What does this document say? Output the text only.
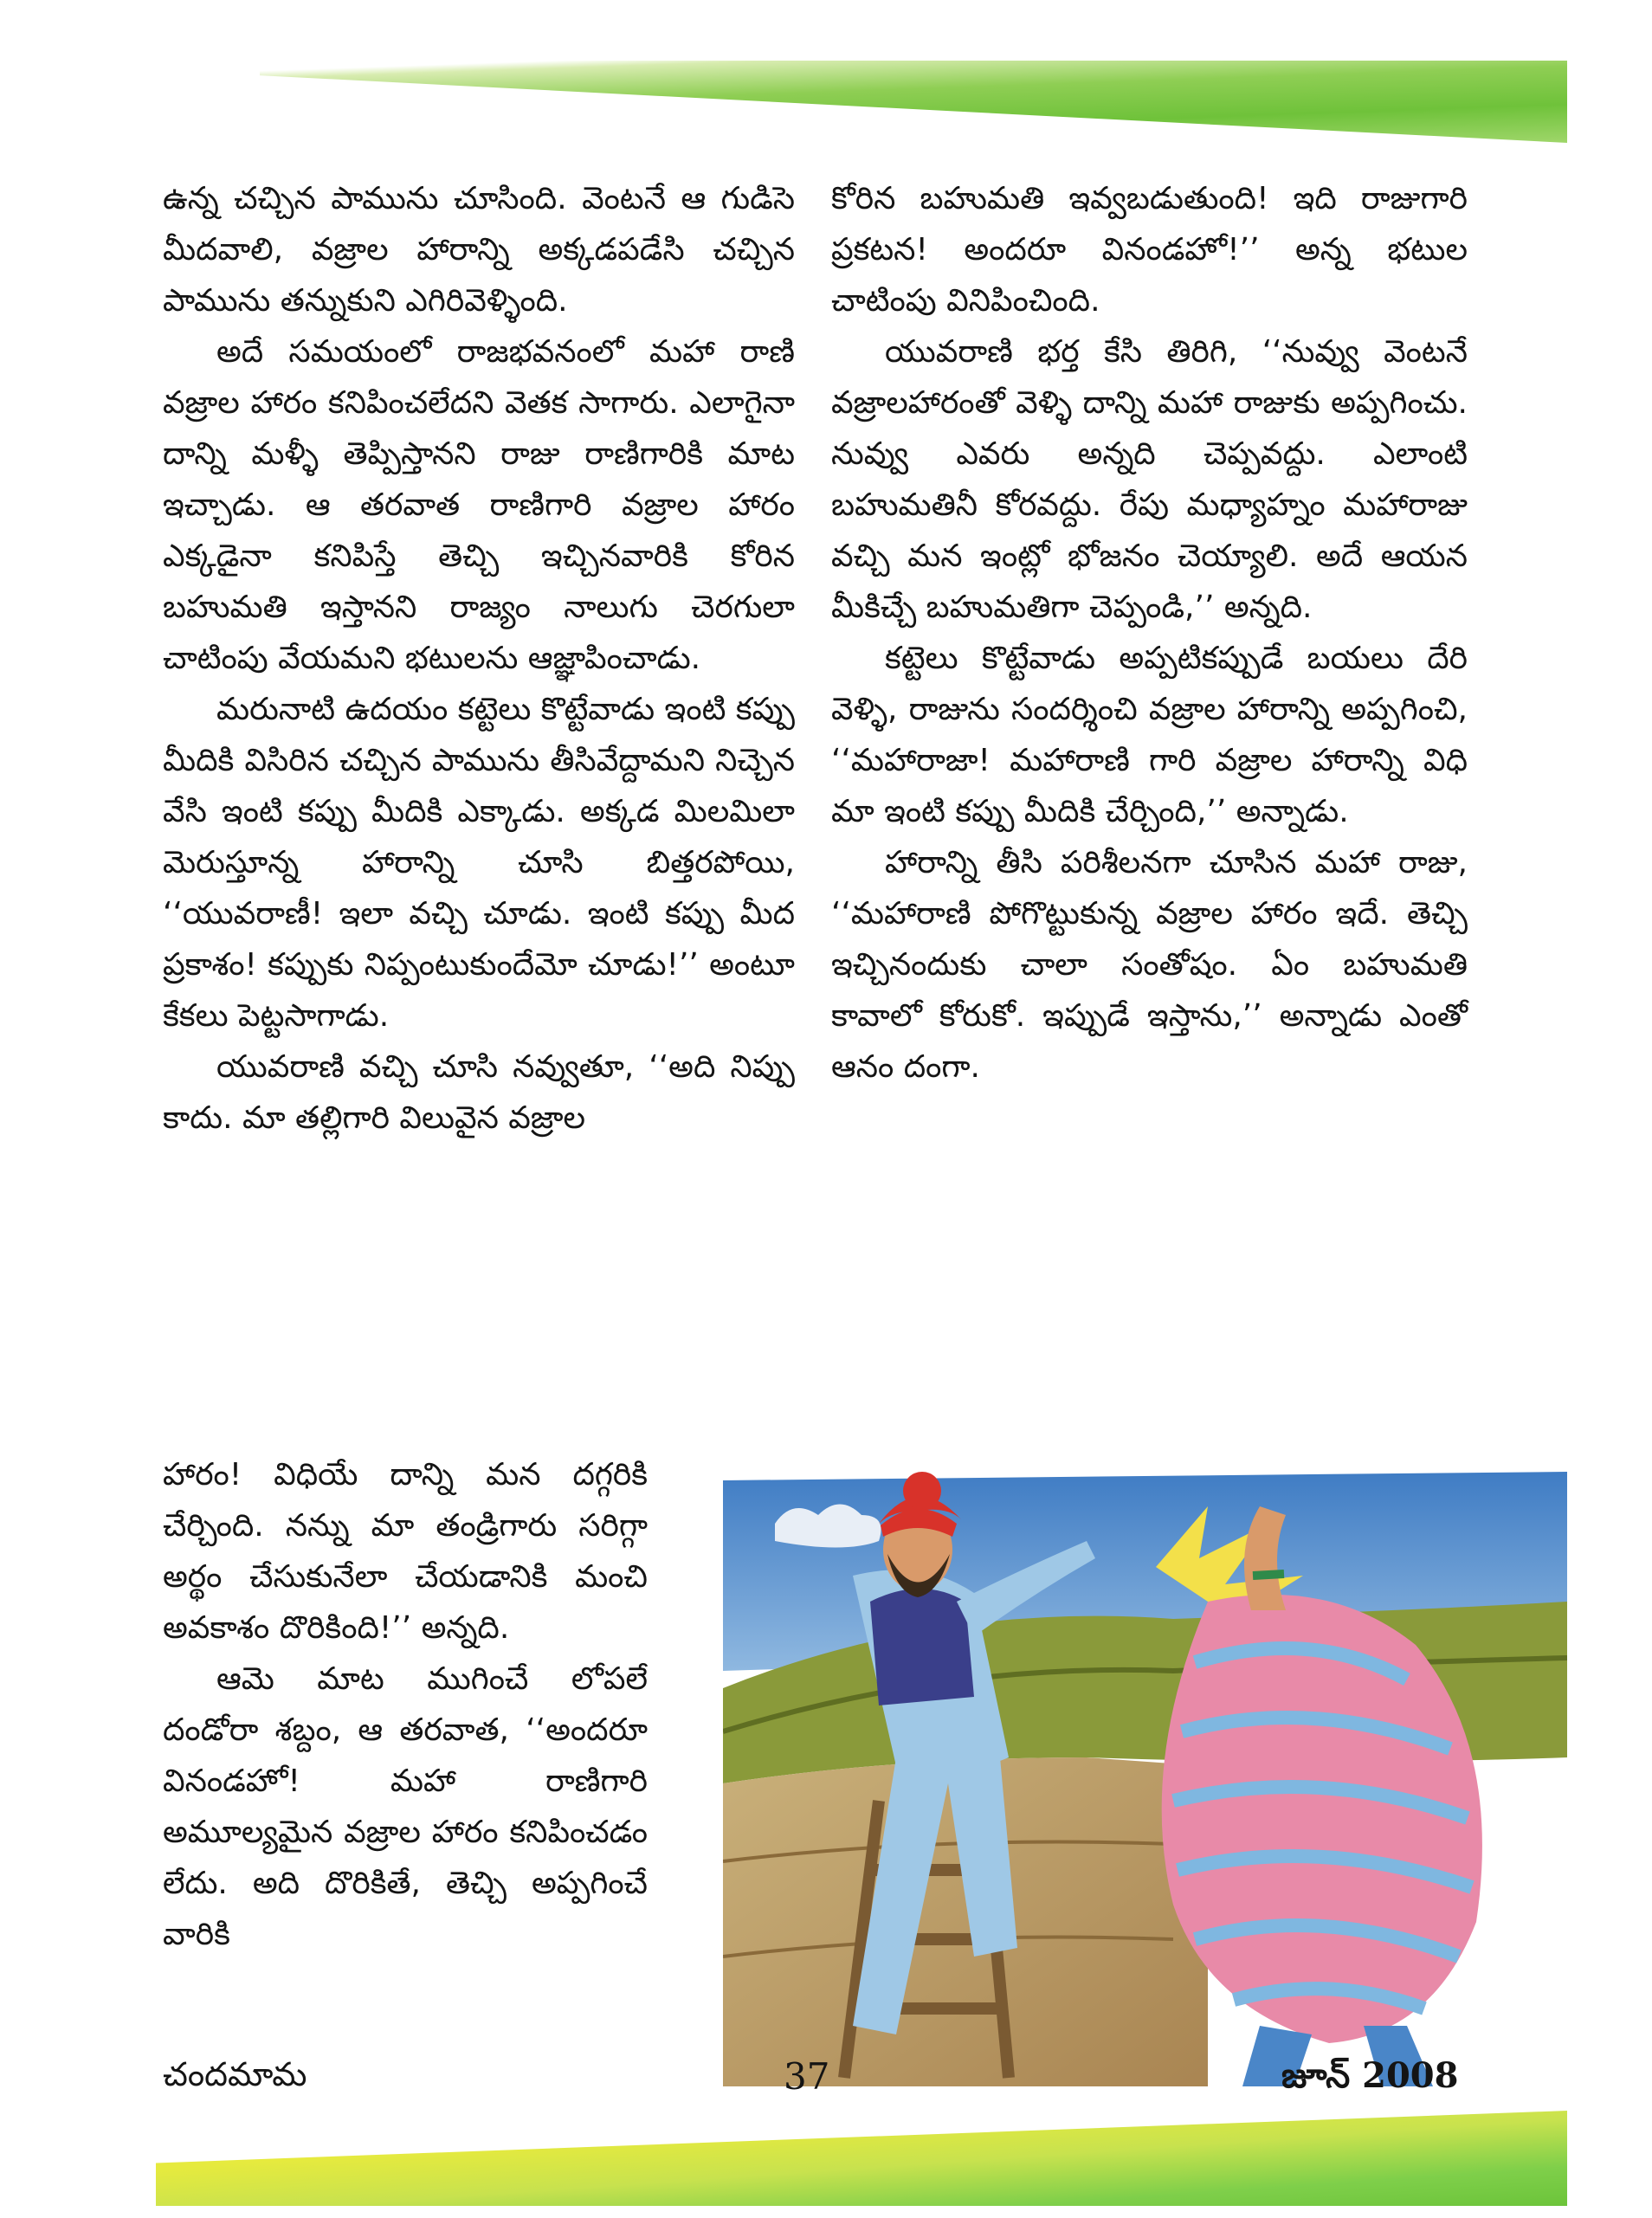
ఉన్న చచ్చిన పామును చూసింది. వెంటనే ఆ గుడిసె మీదవాలి, వజ్రాల హారాన్ని అక్కడపడేసి చచ్చిన పామును తన్నుకుని ఎగిరివెళ్ళింది.

అదే సమయంలో రాజభవనంలో మహా రాణి వజ్రాల హారం కనిపించలేదని వెతక సాగారు. ఎలాగైనా దాన్ని మళ్ళీ తెప్పిస్తానని రాజు రాణిగారికి మాట ఇచ్చాడు. ఆ తరవాత రాణిగారి వజ్రాల హారం ఎక్కడైనా కనిపిస్తే తెచ్చి ఇచ్చినవారికి కోరిన బహుమతి ఇస్తానని రాజ్యం నాలుగు చెరగులా చాటింపు వేయమని భటులను ఆజ్ఞాపించాడు.

మరునాటి ఉదయం కట్టెలు కొట్టేవాడు ఇంటి కప్పు మీదికి విసిరిన చచ్చిన పామును తీసివేద్దామని నిచ్చెన వేసి ఇంటి కప్పు మీదికి ఎక్కాడు. అక్కడ మిలమిలా మెరుస్తూన్న హారాన్ని చూసి బిత్తరపోయి, ‘‘యువరాణీ! ఇలా వచ్చి చూడు. ఇంటి కప్పు మీద ప్రకాశం! కప్పుకు నిప్పంటుకుందేమో చూడు!’’ అంటూ కేకలు పెట్టసాగాడు.

యువరాణి వచ్చి చూసి నవ్వుతూ, ‘‘అది నిప్పు కాదు. మా తల్లిగారి విలువైన వజ్రాల

హారం! విధియే దాన్ని మన దగ్గరికి చేర్చింది. నన్ను మా తండ్రిగారు సరిగ్గా అర్థం చేసుకునేలా చేయడానికి మంచి అవకాశం దొరికింది!’’ అన్నది.

ఆమె మాట ముగించే లోపలే దండోరా శబ్దం, ఆ తరవాత, ‘‘అందరూ వినండహో! మహా రాణిగారి అమూల్యమైన వజ్రాల హారం కనిపించడం లేదు. అది దొరికితే, తెచ్చి అప్పగించే వారికి

కోరిన బహుమతి ఇవ్వబడుతుంది! ఇది రాజుగారి ప్రకటన! అందరూ వినండహో!’’ అన్న భటుల చాటింపు వినిపించింది.

యువరాణి భర్త కేసి తిరిగి, ‘‘నువ్వు వెంటనే వజ్రాలహారంతో వెళ్ళి దాన్ని మహా రాజుకు అప్పగించు. నువ్వు ఎవరు అన్నది చెప్పవద్దు. ఎలాంటి బహుమతినీ కోరవద్దు. రేపు మధ్యాహ్నం మహారాజు వచ్చి మన ఇంట్లో భోజనం చెయ్యాలి. అదే ఆయన మీకిచ్చే బహుమతిగా చెప్పండి,’’ అన్నది.

కట్టెలు కొట్టేవాడు అప్పటికప్పుడే బయలు దేరి వెళ్ళి, రాజును సందర్శించి వజ్రాల హారాన్ని అప్పగించి, ‘‘మహారాజా! మహారాణి గారి వజ్రాల హారాన్ని విధి మా ఇంటి కప్పు మీదికి చేర్చింది,’’ అన్నాడు.

హారాన్ని తీసి పరిశీలనగా చూసిన మహా రాజు, ‘‘మహారాణి పోగొట్టుకున్న వజ్రాల హారం ఇదే. తెచ్చి ఇచ్చినందుకు చాలా సంతోషం. ఏం బహుమతి కావాలో కోరుకో. ఇప్పుడే ఇస్తాను,’’ అన్నాడు ఎంతో ఆనం దంగా.

చందమామ	37	జూన్ 2008
